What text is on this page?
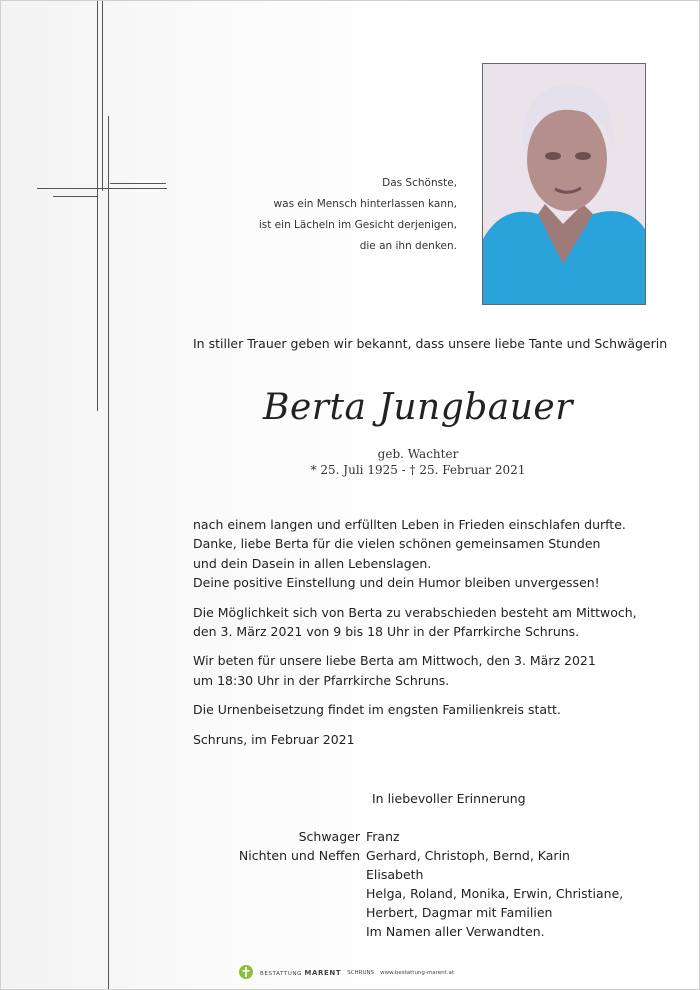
Das Schönste,
was ein Mensch hinterlassen kann,
ist ein Lächeln im Gesicht derjenigen,
die an ihn denken.
In stiller Trauer geben wir bekannt, dass unsere liebe Tante und Schwägerin
Berta Jungbauer
geb. Wachter
* 25. Juli 1925 - † 25. Februar 2021

nach einem langen und erfüllten Leben in Frieden einschlafen durfte.
Danke, liebe Berta für die vielen schönen gemeinsamen Stunden
und dein Dasein in allen Lebenslagen.
Deine positive Einstellung und dein Humor bleiben unvergessen!

Die Möglichkeit sich von Berta zu verabschieden besteht am Mittwoch,
den 3. März 2021 von 9 bis 18 Uhr in der Pfarrkirche Schruns.

Wir beten für unsere liebe Berta am Mittwoch, den 3. März 2021
um 18:30 Uhr in der Pfarrkirche Schruns.

Die Urnenbeisetzung findet im engsten Familienkreis statt.

Schruns, im Februar 2021

In liebevoller Erinnerung
Schwager Franz
Nichten und Neffen Gerhard, Christoph, Bernd, Karin
Elisabeth
Helga, Roland, Monika, Erwin, Christiane,
Herbert, Dagmar mit Familien
Im Namen aller Verwandten.
BESTATTUNG MARENT SCHRUNS www.bestattung-marent.at
